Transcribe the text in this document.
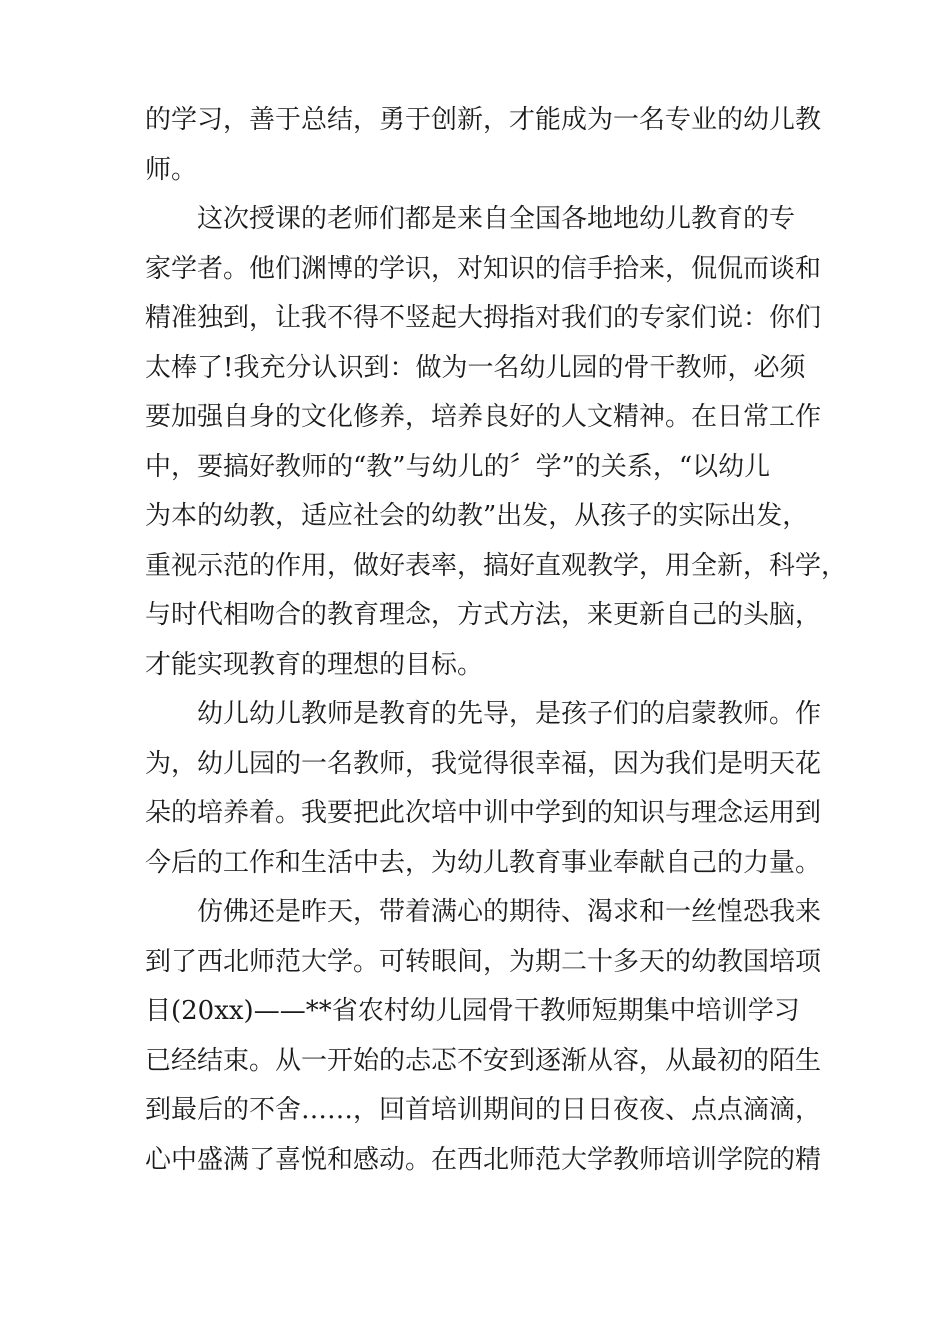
的学习，善于总结，勇于创新，才能成为一名专业的幼儿教
师。
这次授课的老师们都是来自全国各地地幼儿教育的专
家学者。他们渊博的学识，对知识的信手拾来，侃侃而谈和
精准独到，让我不得不竖起大拇指对我们的专家们说：你们
太棒了!我充分认识到：做为一名幼儿园的骨干教师，必须
要加强自身的文化修养，培养良好的人文精神。在日常工作
中，要搞好教师的“教”与幼儿的〞学”的关系，“以幼儿
为本的幼教，适应社会的幼教”出发，从孩子的实际出发，
重视示范的作用，做好表率，搞好直观教学，用全新，科学，
与时代相吻合的教育理念，方式方法，来更新自己的头脑，
才能实现教育的理想的目标。
幼儿幼儿教师是教育的先导，是孩子们的启蒙教师。作
为，幼儿园的一名教师，我觉得很幸福，因为我们是明天花
朵的培养着。我要把此次培中训中学到的知识与理念运用到
今后的工作和生活中去，为幼儿教育事业奉献自己的力量。
仿佛还是昨天，带着满心的期待、渴求和一丝惶恐我来
到了西北师范大学。可转眼间，为期二十多天的幼教国培项
目(20xx)——**省农村幼儿园骨干教师短期集中培训学习
已经结束。从一开始的忐忑不安到逐渐从容，从最初的陌生
到最后的不舍……，回首培训期间的日日夜夜、点点滴滴，
心中盛满了喜悦和感动。在西北师范大学教师培训学院的精
